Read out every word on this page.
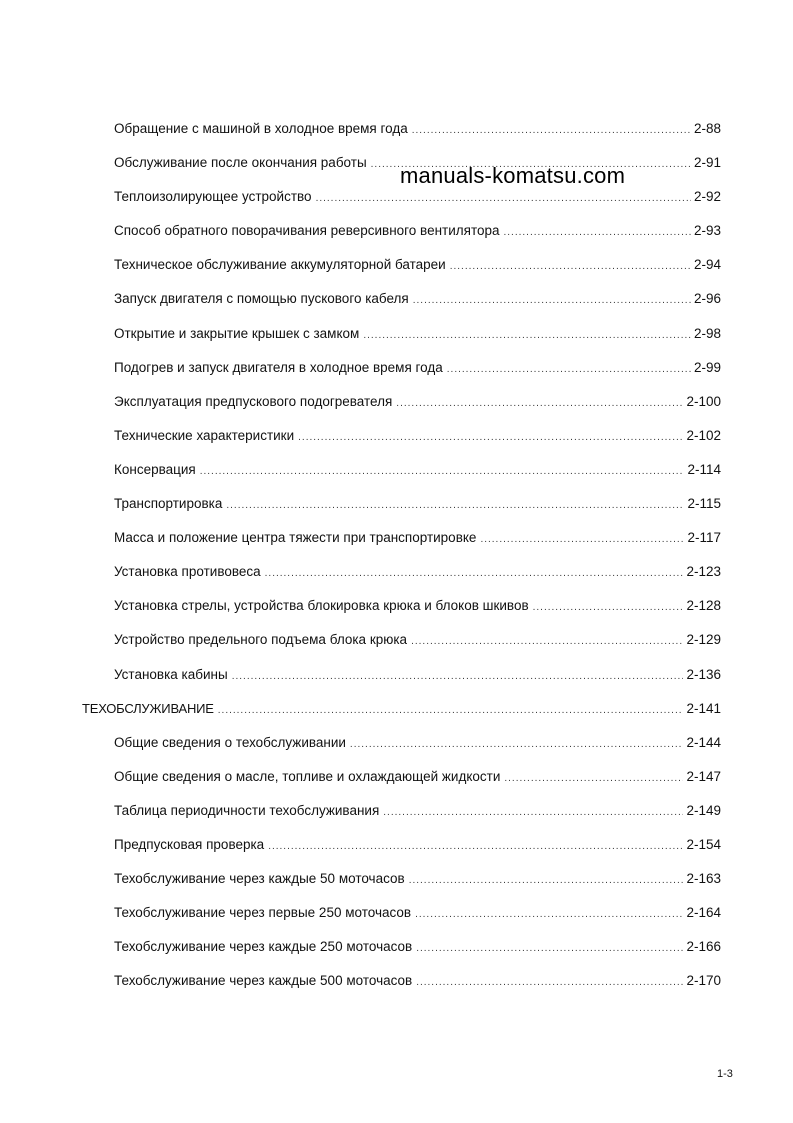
manuals-komatsu.com
Обращение с машиной в холодное время года .....	2-88
Обслуживание после окончания работы .....	2-91
Теплоизолирующее устройство .....	2-92
Способ обратного поворачивания реверсивного вентилятора .....	2-93
Техническое обслуживание аккумуляторной батареи .....	2-94
Запуск двигателя с помощью пускового кабеля .....	2-96
Открытие и закрытие крышек с замком .....	2-98
Подогрев и запуск двигателя в холодное время года .....	2-99
Эксплуатация предпускового подогревателя .....	2-100
Технические характеристики .....	2-102
Консервация .....	2-114
Транспортировка .....	2-115
Масса и положение центра тяжести при транспортировке .....	2-117
Установка противовеса .....	2-123
Установка стрелы, устройства блокировка крюка и блоков шкивов .....	2-128
Устройство предельного подъема блока крюка .....	2-129
Установка кабины .....	2-136
ТЕХОБСЛУЖИВАНИЕ .....	2-141
Общие сведения о техобслуживании .....	2-144
Общие сведения о масле, топливе и охлаждающей жидкости .....	2-147
Таблица периодичности техобслуживания .....	2-149
Предпусковая проверка .....	2-154
Техобслуживание через каждые 50 моточасов .....	2-163
Техобслуживание через первые 250 моточасов .....	2-164
Техобслуживание через каждые 250 моточасов .....	2-166
Техобслуживание через каждые 500 моточасов .....	2-170
1-3
